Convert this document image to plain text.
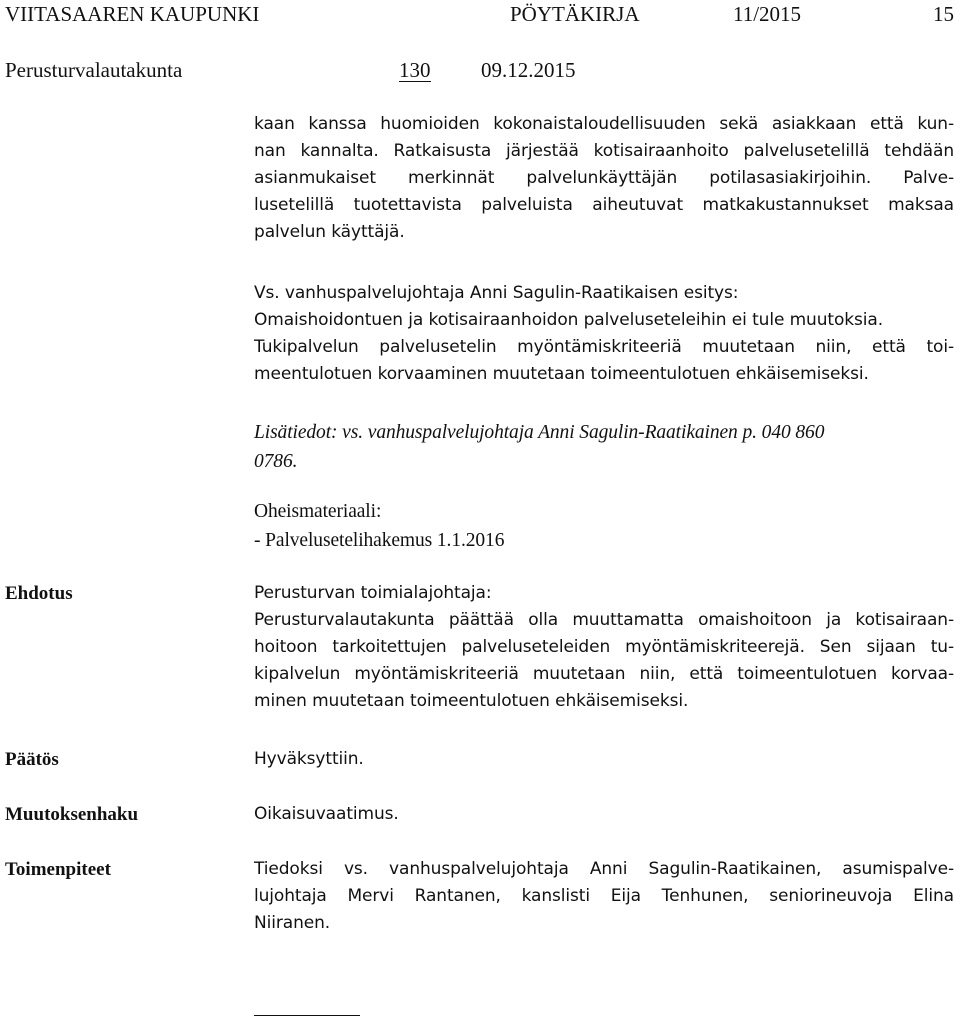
VIITASAAREN KAUPUNKI	PÖYTÄKIRJA	11/2015	15
Perusturvalautakunta	130 09.12.2015
kaan kanssa huomioiden kokonaistaloudellisuuden sekä asiakkaan että kun-
nan kannalta. Ratkaisusta järjestää kotisairaanhoito palvelusetelillä tehdään
asianmukaiset merkinnät palvelunkäyttäjän potilasasiakirjoihin. Palve-
lusetelillä tuotettavista palveluista aiheutuvat matkakustannukset maksaa
palvelun käyttäjä.
Vs. vanhuspalvelujohtaja Anni Sagulin-Raatikaisen esitys:
Omaishoidontuen ja kotisairaanhoidon palveluseteleihin ei tule muutoksia.
Tukipalvelun palvelusetelin myöntämiskriteeriä muutetaan niin, että toi-
meentulotuen korvaaminen muutetaan toimeentulotuen ehkäisemiseksi.
Lisätiedot: vs. vanhuspalvelujohtaja Anni Sagulin-Raatikainen p. 040 860
0786.
Oheismateriaali:
- Palvelusetelihakemus 1.1.2016
Ehdotus	Perusturvan toimialajohtaja:
Perusturvalautakunta päättää olla muuttamatta omaishoitoon ja kotisairaan-
hoitoon tarkoitettujen palveluseteleiden myöntämiskriteerejä. Sen sijaan tu-
kipalvelun myöntämiskriteeriä muutetaan niin, että toimeentulotuen korvaa-
minen muutetaan toimeentulotuen ehkäisemiseksi.
Päätös	Hyväksyttiin.
Muutoksenhaku	Oikaisuvaatimus.
Toimenpiteet	Tiedoksi vs. vanhuspalvelujohtaja Anni Sagulin-Raatikainen, asumispalve-
lujohtaja Mervi Rantanen, kanslisti Eija Tenhunen, seniorineuvoja Elina
Niiranen.
